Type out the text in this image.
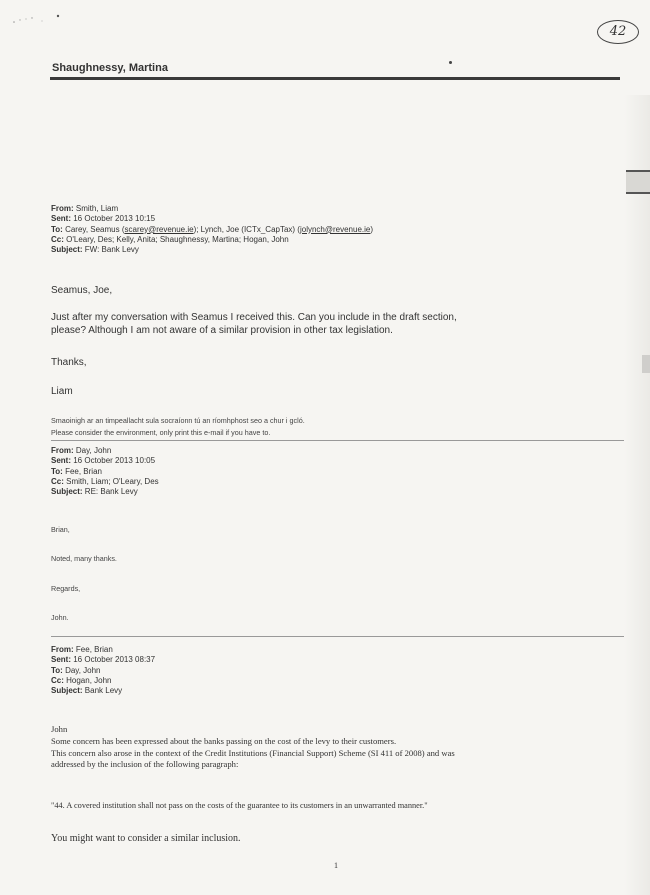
42
Shaughnessy, Martina
From: Smith, Liam
Sent: 16 October 2013 10:15
To: Carey, Seamus (scarey@revenue.ie); Lynch, Joe (ICTx_CapTax) (jolynch@revenue.ie)
Cc: O'Leary, Des; Kelly, Anita; Shaughnessy, Martina; Hogan, John
Subject: FW: Bank Levy
Seamus, Joe,
Just after my conversation with Seamus I received this. Can you include in the draft section,
please? Although I am not aware of a similar provision in other tax legislation.
Thanks,
Liam
Smaoinigh ar an timpeallacht sula socraíonn tú an ríomhphost seo a chur i gcló.
Please consider the environment, only print this e-mail if you have to.
From: Day, John
Sent: 16 October 2013 10:05
To: Fee, Brian
Cc: Smith, Liam; O'Leary, Des
Subject: RE: Bank Levy
Brian,
Noted, many thanks.
Regards,
John.
From: Fee, Brian
Sent: 16 October 2013 08:37
To: Day, John
Cc: Hogan, John
Subject: Bank Levy
John
Some concern has been expressed about the banks passing on the cost of the levy to their customers.
This concern also arose in the context of the Credit Institutions (Financial Support) Scheme (SI 411 of 2008) and was
addressed by the inclusion of the following paragraph:
"44. A covered institution shall not pass on the costs of the guarantee to its customers in an unwarranted manner."
You might want to consider a similar inclusion.
1
